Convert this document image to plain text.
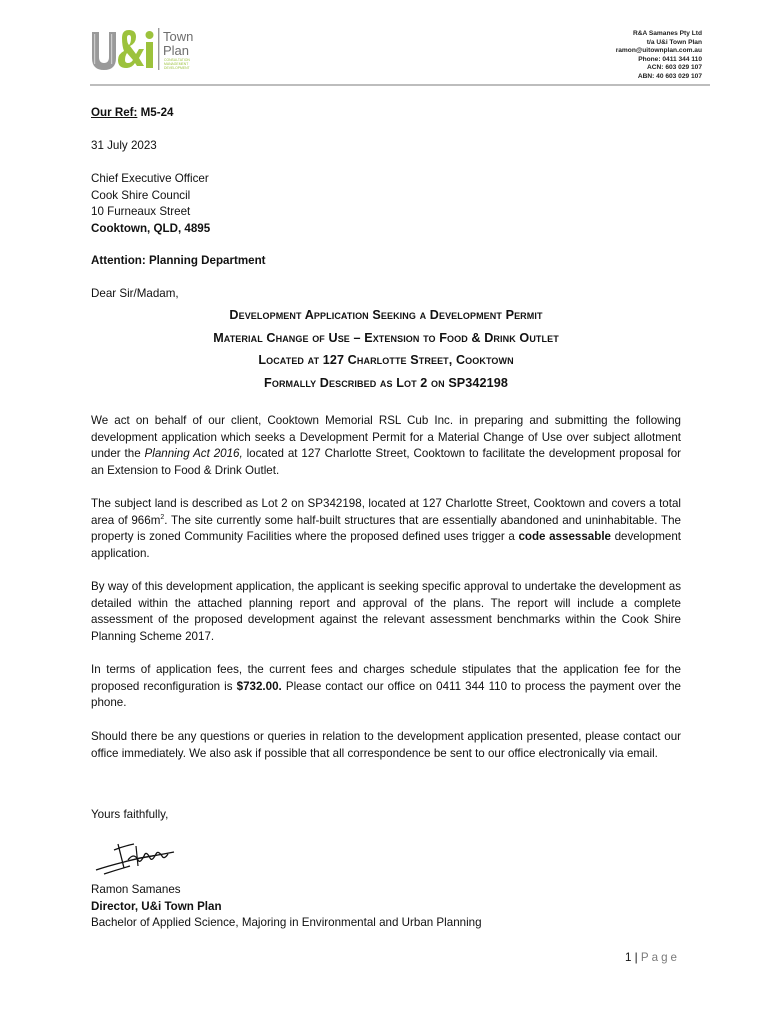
Town
Plan
CONSULTATION
MANAGEMENT
DEVELOPMENT
R&A Samanes Pty Ltd
t/a U&i Town Plan
ramon@uitownplan.com.au
Phone: 0411 344 110
ACN: 603 029 107
ABN: 40 603 029 107
Our Ref: M5-24
31 July 2023
Chief Executive Officer
Cook Shire Council
10 Furneaux Street
Cooktown, QLD, 4895
Attention: Planning Department
Dear Sir/Madam,
Development Application Seeking a Development Permit
Material Change of Use – Extension to Food & Drink Outlet
Located at 127 Charlotte Street, Cooktown
Formally Described as Lot 2 on SP342198
We act on behalf of our client, Cooktown Memorial RSL Cub Inc. in preparing and submitting the following development application which seeks a Development Permit for a Material Change of Use over subject allotment under the Planning Act 2016, located at 127 Charlotte Street, Cooktown to facilitate the development proposal for an Extension to Food & Drink Outlet.
The subject land is described as Lot 2 on SP342198, located at 127 Charlotte Street, Cooktown and covers a total area of $966m^2$. The site currently some half-built structures that are essentially abandoned and uninhabitable. The property is zoned Community Facilities where the proposed defined uses trigger a code assessable development application.
By way of this development application, the applicant is seeking specific approval to undertake the development as detailed within the attached planning report and approval of the plans. The report will include a complete assessment of the proposed development against the relevant assessment benchmarks within the Cook Shire Planning Scheme 2017.
In terms of application fees, the current fees and charges schedule stipulates that the application fee for the proposed reconfiguration is $732.00. Please contact our office on 0411 344 110 to process the payment over the phone.
Should there be any questions or queries in relation to the development application presented, please contact our office immediately. We also ask if possible that all correspondence be sent to our office electronically via email.
Yours faithfully,
Ramon Samanes
Director, U&i Town Plan
Bachelor of Applied Science, Majoring in Environmental and Urban Planning
1 | Page
